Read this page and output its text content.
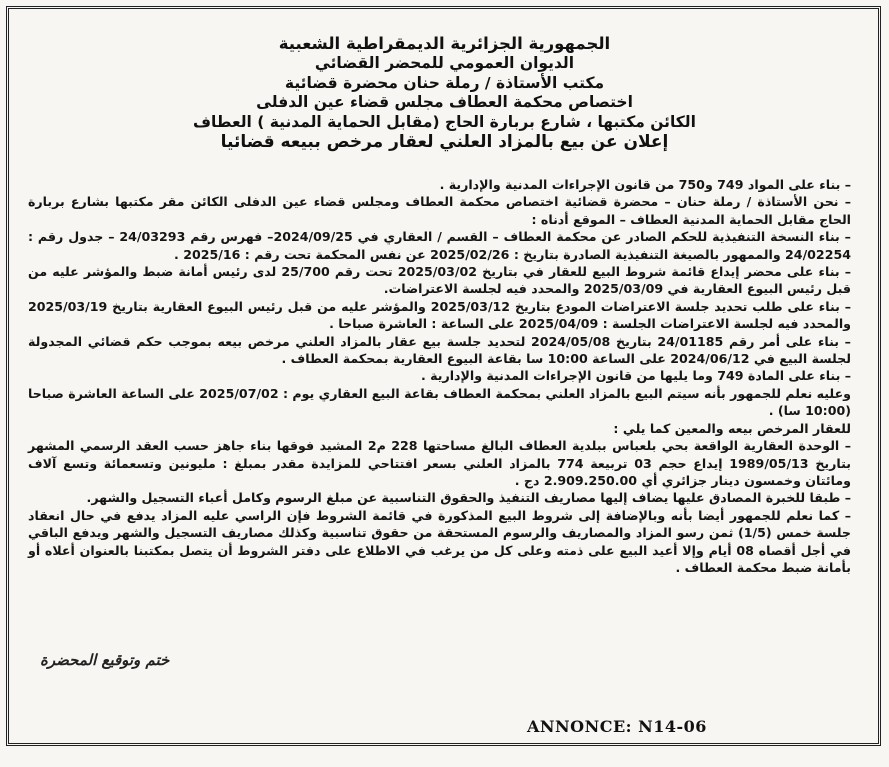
الجمهورية الجزائرية الديمقراطية الشعبية
الديوان العمومي للمحضر القضائي
مكتب الأستاذة / رملة حنان محضرة قضائية
اختصاص محكمة العطاف مجلس قضاء عين الدفلى
الكائن مكتبها ، شارع بربارة الحاج (مقابل الحماية المدنية ) العطاف
إعلان عن بيع بالمزاد العلني لعقار مرخص ببيعه قضائيا

– بناء على المواد 749 و750 من قانون الإجراءات المدنية والإدارية .

– نحن الأستاذة / رملة حنان – محضرة قضائية اختصاص محكمة العطاف ومجلس قضاء عين الدفلى الكائن مقر مكتبها بشارع بربارة الحاج مقابل الحماية المدنية العطاف – الموقع أدناه :

– بناء النسخة التنفيذية للحكم الصادر عن محكمة العطاف – القسم / العقاري في 2024/09/25– فهرس رقم 24/03293 – جدول رقم : 24/02254 والممهور بالصيغة التنفيذية الصادرة بتاريخ : 2025/02/26 عن نفس المحكمة تحت رقم : 2025/16 .

– بناء على محضر إيداع قائمة شروط البيع للعقار في بتاريخ 2025/03/02 تحت رقم 25/700 لدى رئيس أمانة ضبط والمؤشر عليه من قبل رئيس البيوع العقارية في 2025/03/09 والمحدد فيه لجلسة الاعتراضات.

– بناء على طلب تحديد جلسة الاعتراضات المودع بتاريخ 2025/03/12 والمؤشر عليه من قبل رئيس البيوع العقارية بتاريخ 2025/03/19 والمحدد فيه لجلسة الاعتراضات الجلسة : 2025/04/09 على الساعة : العاشرة صباحا .

– بناء على أمر رقم 24/01185 بتاريخ 2024/05/08 لتحديد جلسة بيع عقار بالمزاد العلني مرخص بيعه بموجب حكم قضائي المجدولة لجلسة البيع في 2024/06/12 على الساعة 10:00 سا بقاعة البيوع العقارية بمحكمة العطاف .

– بناء على المادة 749 وما يليها من قانون الإجراءات المدنية والإدارية .

وعليه نعلم للجمهور بأنه سيتم البيع بالمزاد العلني بمحكمة العطاف بقاعة البيع العقاري يوم : 2025/07/02 على الساعة العاشرة صباحا (10:00 سا) .

للعقار المرخص بيعه والمعين كما يلي :

– الوحدة العقارية الواقعة بحي بلعباس ببلدية العطاف البالغ مساحتها 228 م2 المشيد فوقها بناء جاهز حسب العقد الرسمي المشهر بتاريخ 1989/05/13 إيداع حجم 03 تربيعة 774 بالمزاد العلني بسعر افتتاحي للمزايدة مقدر بمبلغ : مليونين وتسعمائة وتسع آلاف ومائتان وخمسون دينار جزائري أي 2.909.250.00 دج .

– طبقا للخبرة المصادق عليها يضاف إليها مصاريف التنفيذ والحقوق التناسبية عن مبلغ الرسوم وكامل أعباء التسجيل والشهر.

– كما نعلم للجمهور أيضا بأنه وبالإضافة إلى شروط البيع المذكورة في قائمة الشروط فإن الراسي عليه المزاد يدفع في حال انعقاد جلسة خمس (1/5) ثمن رسو المزاد والمصاريف والرسوم المستحقة من حقوق تناسبية وكذلك مصاريف التسجيل والشهر ويدفع الباقي في أجل أقصاه 08 أيام وإلا أعيد البيع على ذمته وعلى كل من يرغب في الاطلاع على دفتر الشروط أن يتصل بمكتبنا بالعنوان أعلاه أو بأمانة ضبط محكمة العطاف .

ختم وتوقيع المحضرة
ANNONCE: N14-06
